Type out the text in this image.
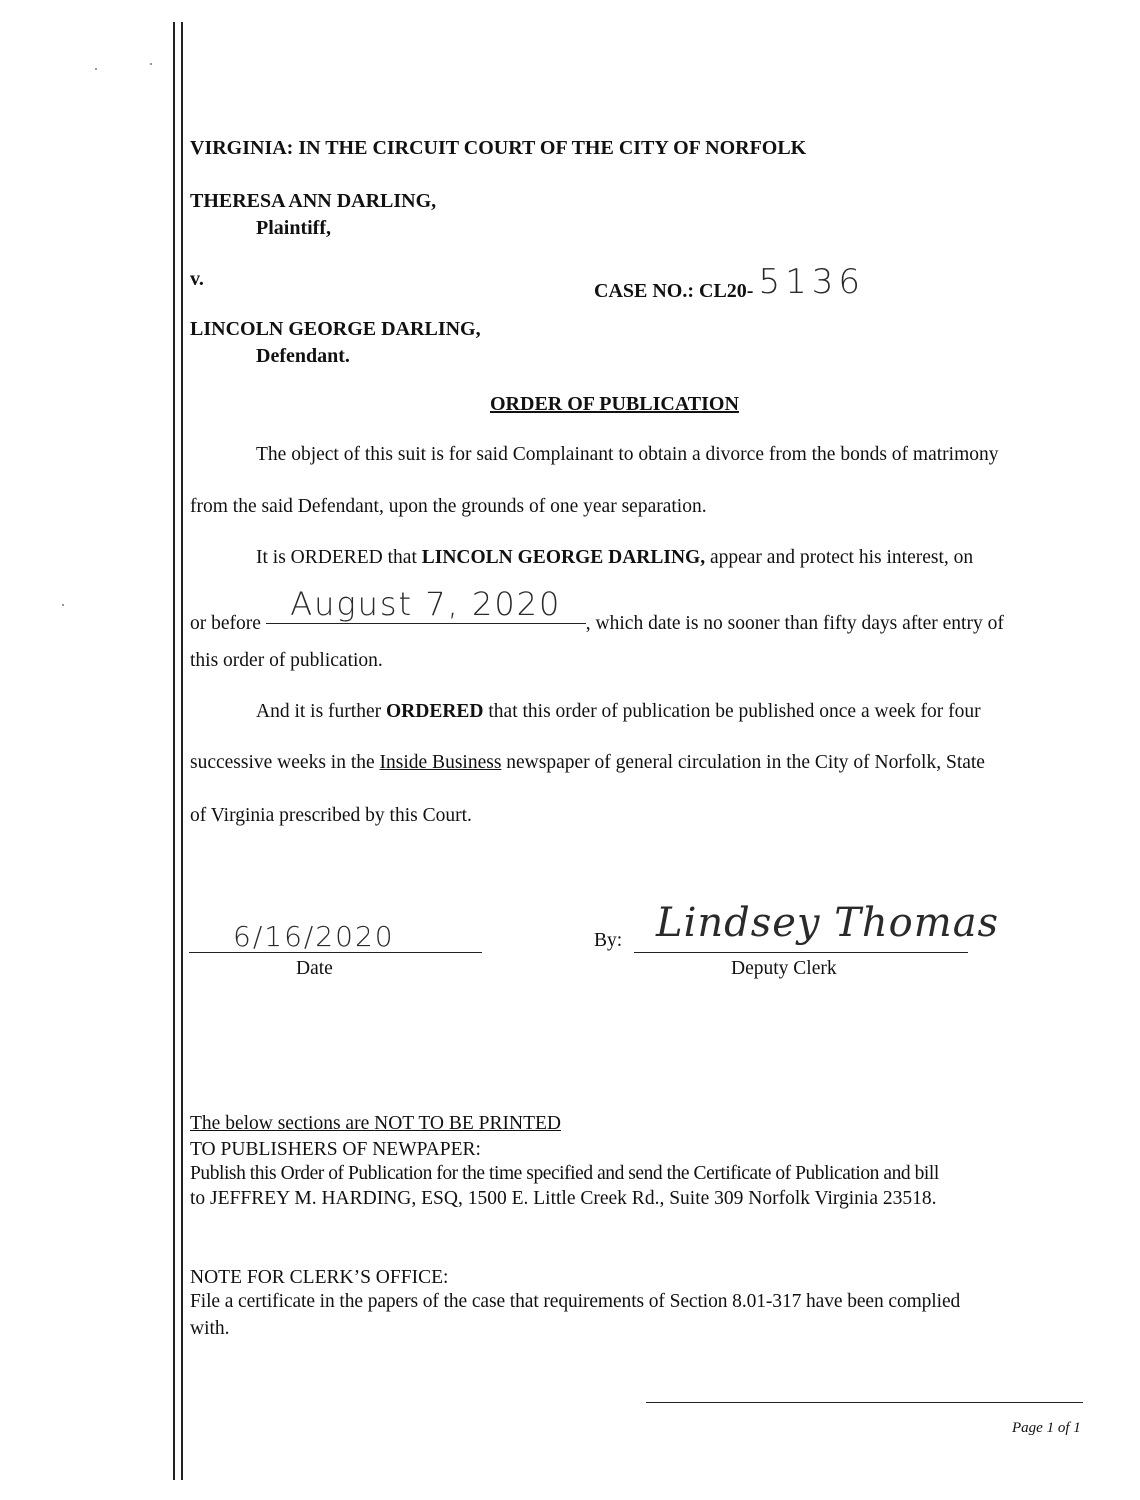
VIRGINIA: IN THE CIRCUIT COURT OF THE CITY OF NORFOLK
THERESA ANN DARLING,
Plaintiff,
v.
CASE NO.: CL20- 5136
LINCOLN GEORGE DARLING,
Defendant.
ORDER OF PUBLICATION
The object of this suit is for said Complainant to obtain a divorce from the bonds of matrimony
from the said Defendant, upon the grounds of one year separation.
It is ORDERED that LINCOLN GEORGE DARLING, appear and protect his interest, on
or before August 7, 2020, which date is no sooner than fifty days after entry of
this order of publication.
And it is further ORDERED that this order of publication be published once a week for four
successive weeks in the Inside Business newspaper of general circulation in the City of Norfolk, State
of Virginia prescribed by this Court.
6/16/2020
Date
By: Lindsey Thomas
Deputy Clerk
The below sections are NOT TO BE PRINTED
TO PUBLISHERS OF NEWPAPER:
Publish this Order of Publication for the time specified and send the Certificate of Publication and bill
to JEFFREY M. HARDING, ESQ, 1500 E. Little Creek Rd., Suite 309 Norfolk Virginia 23518.
NOTE FOR CLERK’S OFFICE:
File a certificate in the papers of the case that requirements of Section 8.01-317 have been complied
with.
Page 1 of 1
